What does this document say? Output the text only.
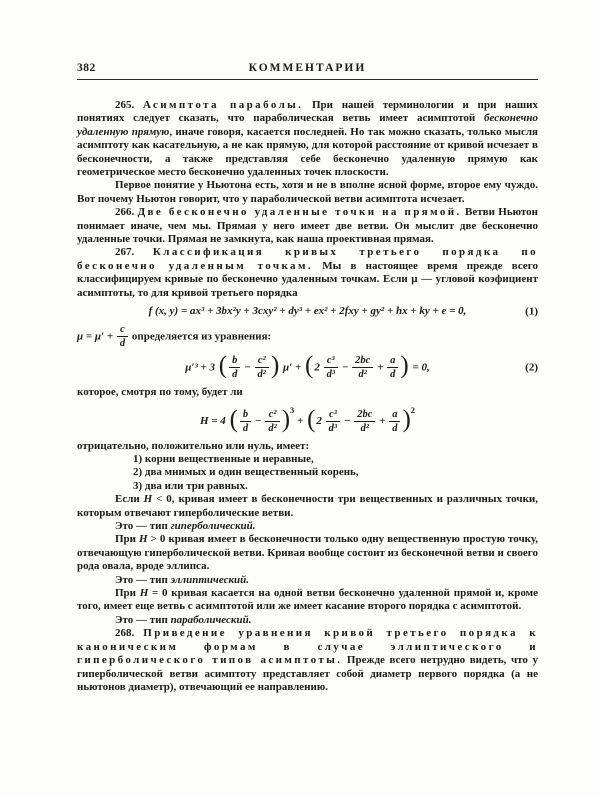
382	КОММЕНТАРИИ

265. Асимптота параболы. При нашей терминологии и при наших понятиях следует сказать, что параболическая ветвь имеет асимптотой бесконечно удаленную прямую, иначе говоря, касается последней. Но так можно сказать, только мысля асимптоту как касательную, а не как прямую, для которой расстояние от кривой исчезает в бесконечности, а также представляя себе бесконечно удаленную прямую как геометрическое место бесконечно удаленных точек плоскости.

Первое понятие у Ньютона есть, хотя и не в вполне ясной форме, второе ему чуждо. Вот почему Ньютон говорит, что у параболической ветви асимптота исчезает.

266. Две бесконечно удаленные точки на прямой. Ветви Ньютон понимает иначе, чем мы. Прямая у него имеет две ветви. Он мыслит две бесконечно удаленные точки. Прямая не замкнута, как наша проективная прямая.

267. Классификация кривых третьего порядка по бесконечно удаленным точкам. Мы в настоящее время прежде всего классифицируем кривые по бесконечно удаленным точкам. Если μ — угловой коэфициент асимптоты, то для кривой третьего порядка

f (x, y) = ax³ + 3bx²y + 3cxy² + dy³ + ex² + 2fxy + gy² + hx + ky + e = 0,	(1)
$\mu = \mu' + \frac{c}{d}$ определяется из уравнения:
μ′³ + 3 ( $\frac{b}{d} - \frac{\text{c²}}{\text{d²}}$ ) $\mu' + (2 \frac{\text{c³}}{\text{d³}} - \frac{2bc}{\text{d²}} + \frac{a}{d}$ ) = 0,	(2)

которое, смотря по тому, будет ли

H = 4 ( $\frac{b}{d} - \frac{\text{c²}}{\text{d²}} )^3 + (2 \frac{\text{c³}}{\text{d³}} - \frac{2bc}{\text{d²}} + \frac{a}{d} )^2$

отрицательно, положительно или нуль, имеет:

1) корни вещественные и неравные,

2) два мнимых и один вещественный корень,

3) два или три равных.

Если H < 0, кривая имеет в бесконечности три вещественных и различных точки, которым отвечают гиперболические ветви.

Это — тип гиперболический.

При H > 0 кривая имеет в бесконечности только одну вещественную простую точку, отвечающую гиперболической ветви. Кривая вообще состоит из бесконечной ветви и своего рода овала, вроде эллипса.

Это — тип эллиптический.

При H = 0 кривая касается на одной ветви бесконечно удаленной прямой и, кроме того, имеет еще ветвь с асимптотой или же имеет касание второго порядка с асимптотой.

Это — тип параболический.

268. Приведение уравнения кривой третьего порядка к каноническим формам в случае эллиптического и гиперболического типов асимптоты. Прежде всего нетрудно видеть, что у гиперболической ветви асимптоту представляет собой диаметр первого порядка (а не ньютонов диаметр), отвечающий ее направлению.
